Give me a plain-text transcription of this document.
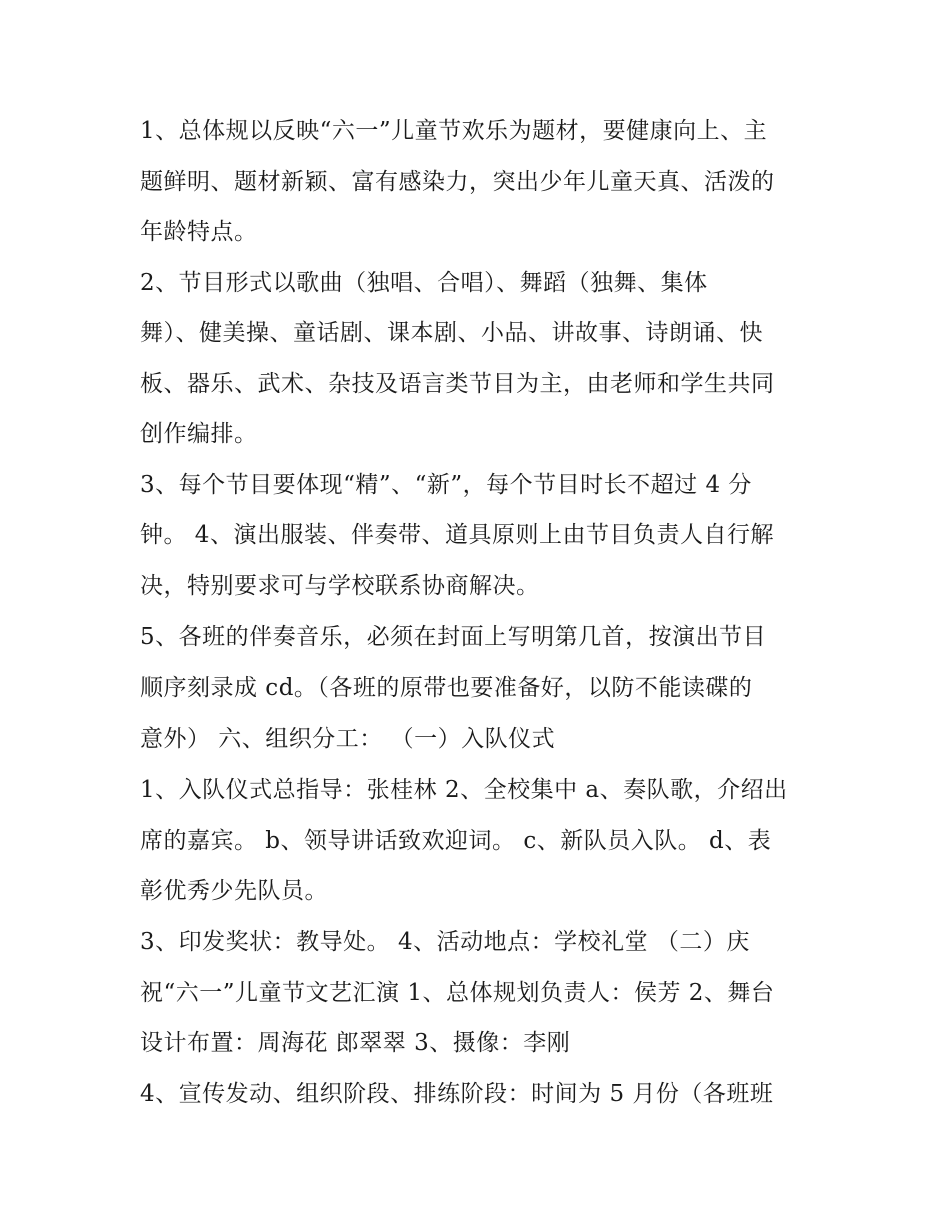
1、总体规以反映“六一”儿童节欢乐为题材，要健康向上、主
题鲜明、题材新颖、富有感染力，突出少年儿童天真、活泼的
年龄特点。
2、节目形式以歌曲（独唱、合唱）、舞蹈（独舞、集体
舞）、健美操、童话剧、课本剧、小品、讲故事、诗朗诵、快
板、器乐、武术、杂技及语言类节目为主，由老师和学生共同
创作编排。
3、每个节目要体现“精”、“新”，每个节目时长不超过 4 分
钟。 4、演出服装、伴奏带、道具原则上由节目负责人自行解
决，特别要求可与学校联系协商解决。
5、各班的伴奏音乐，必须在封面上写明第几首，按演出节目
顺序刻录成 cd。（各班的原带也要准备好，以防不能读碟的
意外） 六、组织分工： （一）入队仪式
1、入队仪式总指导：张桂林 2、全校集中 a、奏队歌，介绍出
席的嘉宾。 b、领导讲话致欢迎词。 c、新队员入队。 d、表
彰优秀少先队员。
3、印发奖状：教导处。 4、活动地点：学校礼堂 （二）庆
祝“六一”儿童节文艺汇演 1、总体规划负责人：侯芳 2、舞台
设计布置：周海花 郎翠翠 3、摄像：李刚
4、宣传发动、组织阶段、排练阶段：时间为 5 月份（各班班
